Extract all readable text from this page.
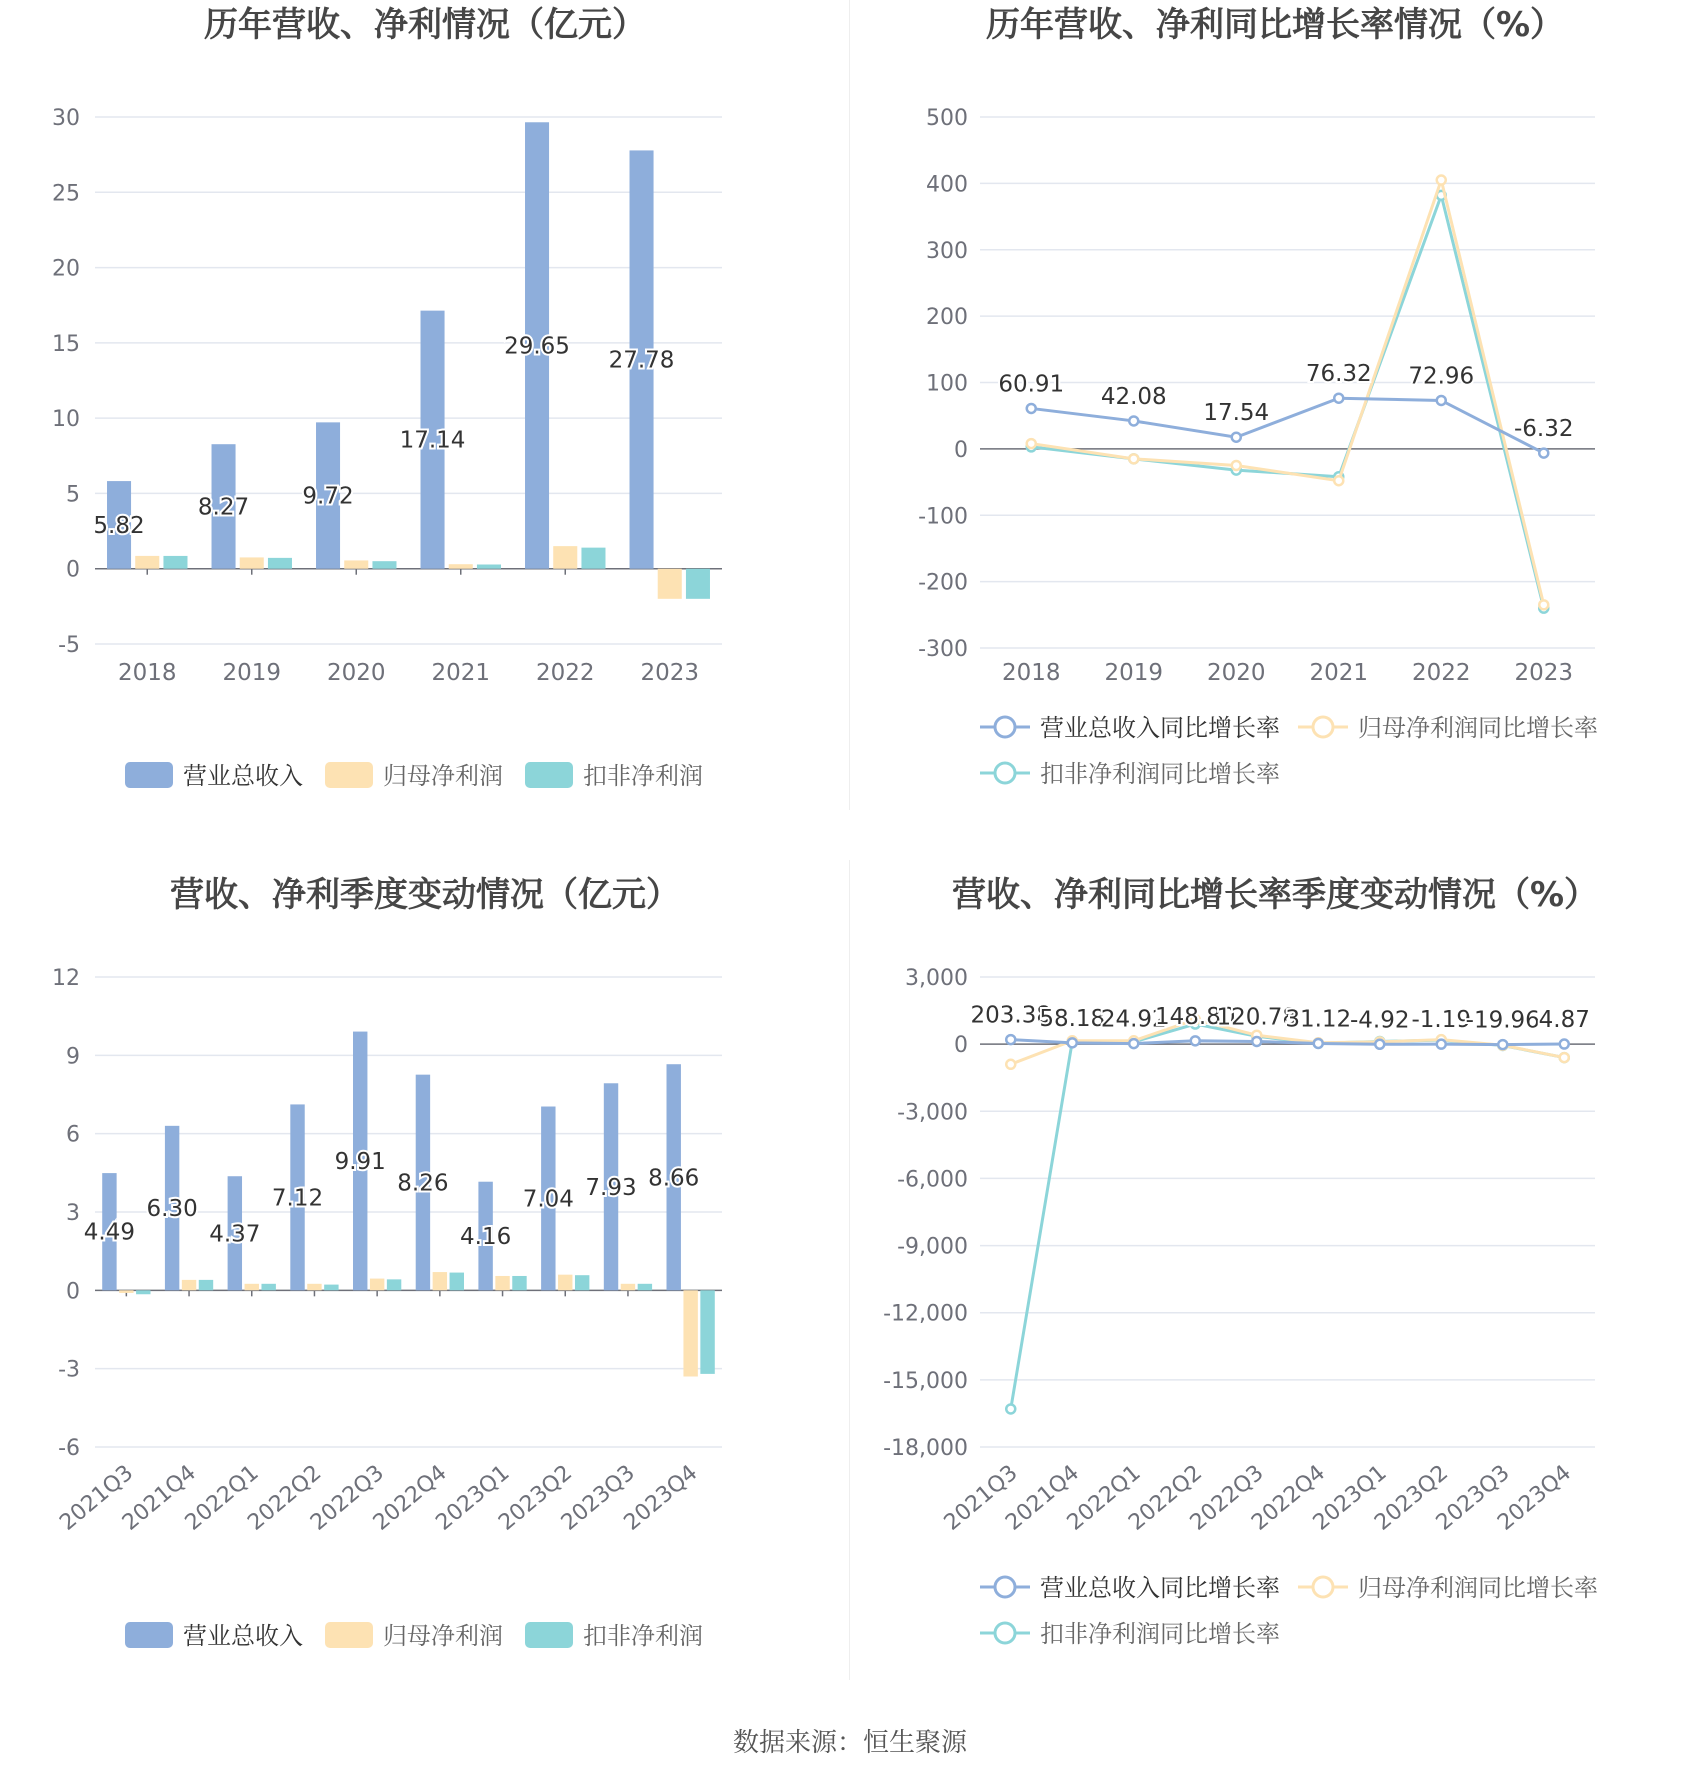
历年营收、净利情况（亿元）
30
25
20
15
10
5
0
-5
2018 2019 2020 2021 2022 2023
5.82
8.27 9.72
17.14
29.65
27.78
营业总收入	归母净利润	扣非净利润
历年营收、净利同比增长率情况（%）
500
400
300
200
100
0
-100
-200
-300
2018 2019 2020 2021 2022 2023
60.91 42.08
17.54
76.32 72.96
-6.32
营业总收入同比增长率	归母净利润同比增长率
扣非净利润同比增长率
营收、净利季度变动情况（亿元）
12
9
6
3
0
-3
-6
2021Q3
2021Q4
2022Q1
2022Q2
2022Q3
2022Q4
2023Q1
2023Q2
2023Q3
2023Q4
4.49
6.30
4.37
7.12
9.91
8.26
4.16
7.04 7.93 8.66
营业总收入	归母净利润	扣非净利润
营收、净利同比增长率季度变动情况（%）
3,000
0
-3,000
-6,000
-9,000
-12,000
-15,000
-18,000
2021Q3
2021Q4
2022Q1
2022Q2
2022Q3
2022Q4
2023Q1
2023Q2
2023Q3
2023Q4
203.38
58.18
24.92
148.80
120.78
31.12
-4.92 -1.19
-19.96
4.87
营业总收入同比增长率	归母净利润同比增长率
扣非净利润同比增长率
数据来源：恒生聚源
